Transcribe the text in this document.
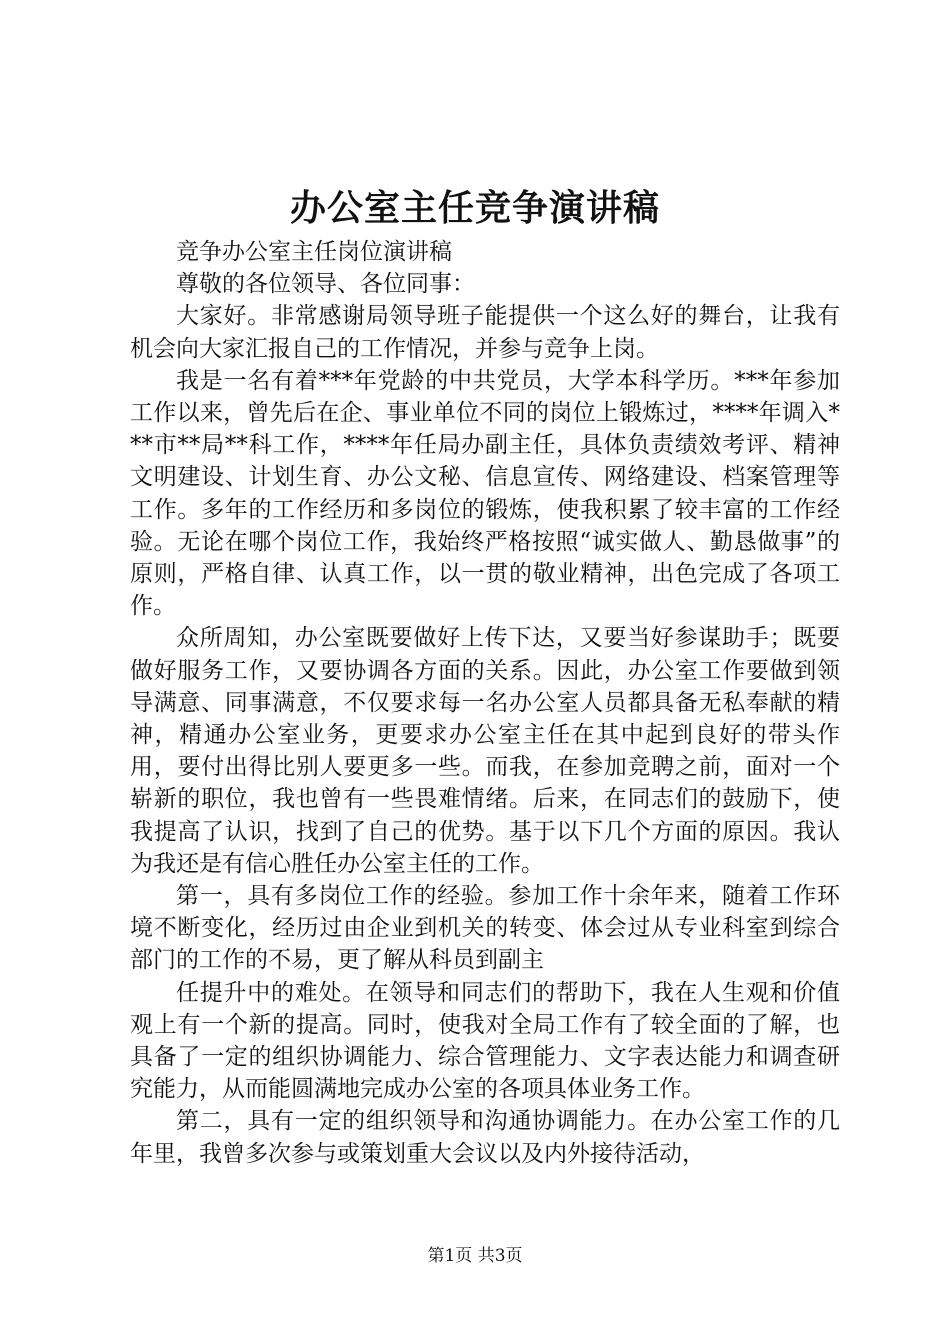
办公室主任竞争演讲稿

竞争办公室主任岗位演讲稿

尊敬的各位领导、各位同事：

大家好。非常感谢局领导班子能提供一个这么好的舞台，让我有机会向大家汇报自己的工作情况，并参与竞争上岗。

我是一名有着***年党龄的中共党员，大学本科学历。***年参加工作以来，曾先后在企、事业单位不同的岗位上锻炼过，****年调入***市**局**科工作，****年任局办副主任，具体负责绩效考评、精神文明建设、计划生育、办公文秘、信息宣传、网络建设、档案管理等工作。多年的工作经历和多岗位的锻炼，使我积累了较丰富的工作经验。无论在哪个岗位工作，我始终严格按照“诚实做人、勤恳做事”的原则，严格自律、认真工作，以一贯的敬业精神，出色完成了各项工作。

众所周知，办公室既要做好上传下达，又要当好参谋助手；既要做好服务工作，又要协调各方面的关系。因此，办公室工作要做到领导满意、同事满意，不仅要求每一名办公室人员都具备无私奉献的精神，精通办公室业务，更要求办公室主任在其中起到良好的带头作用，要付出得比别人要更多一些。而我，在参加竞聘之前，面对一个崭新的职位，我也曾有一些畏难情绪。后来，在同志们的鼓励下，使我提高了认识，找到了自己的优势。基于以下几个方面的原因。我认为我还是有信心胜任办公室主任的工作。

第一，具有多岗位工作的经验。参加工作十余年来，随着工作环境不断变化，经历过由企业到机关的转变、体会过从专业科室到综合部门的工作的不易，更了解从科员到副主

任提升中的难处。在领导和同志们的帮助下，我在人生观和价值观上有一个新的提高。同时，使我对全局工作有了较全面的了解，也具备了一定的组织协调能力、综合管理能力、文字表达能力和调查研究能力，从而能圆满地完成办公室的各项具体业务工作。

第二，具有一定的组织领导和沟通协调能力。在办公室工作的几年里，我曾多次参与或策划重大会议以及内外接待活动，

第1页 共3页
